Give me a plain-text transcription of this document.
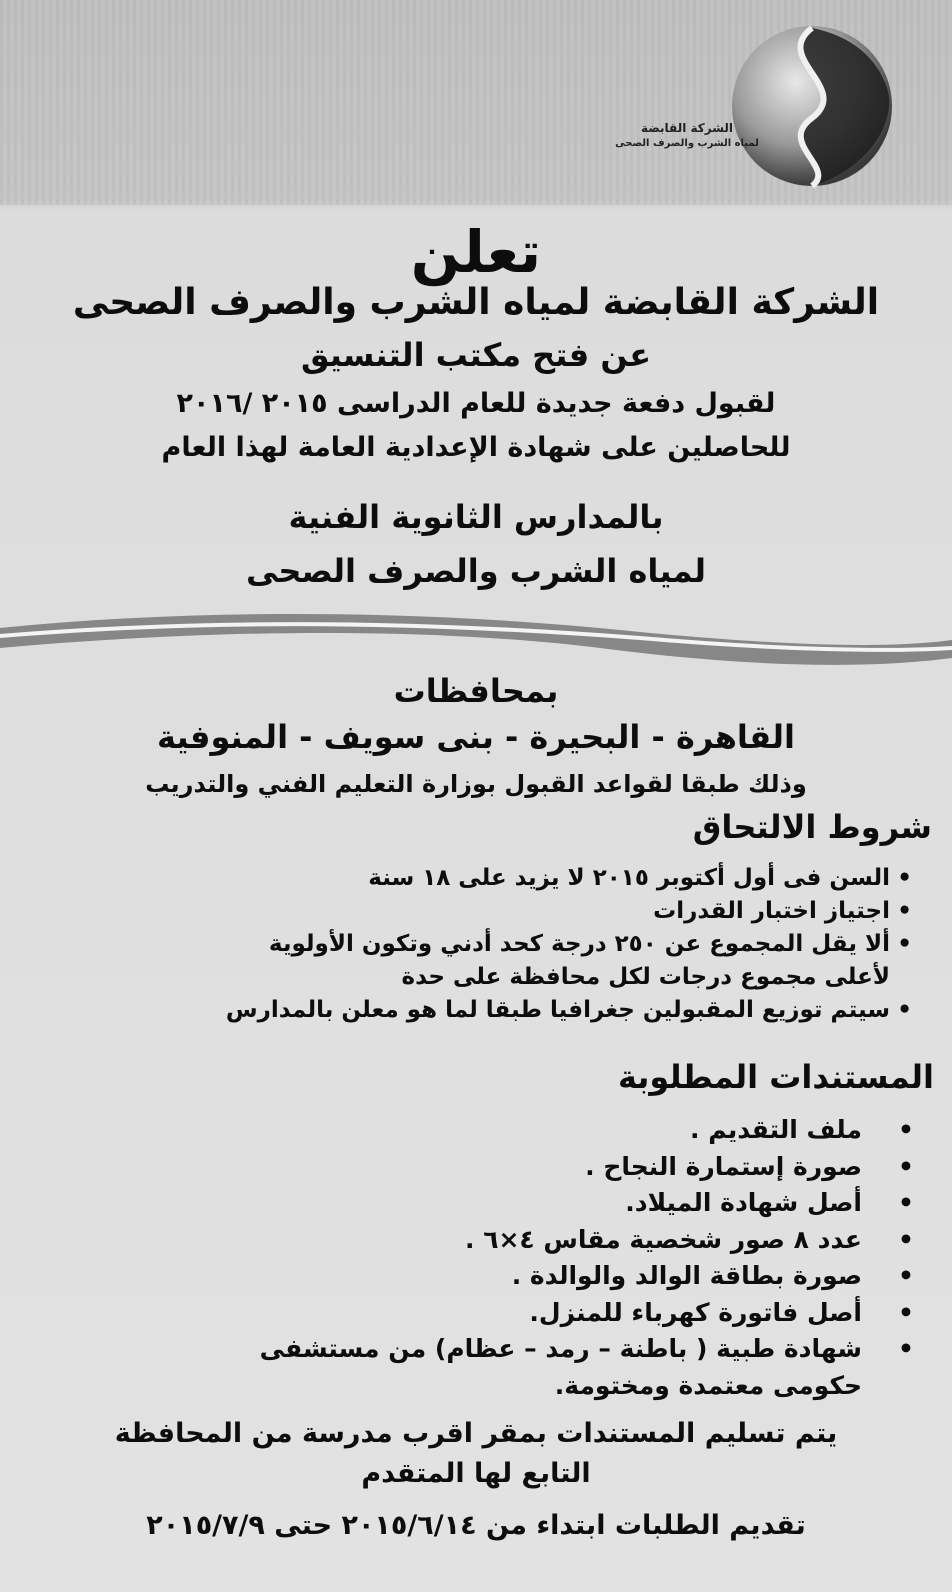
الشركة القابضة
لمياه الشرب والصرف الصحى
تعلن
الشركة القابضة لمياه الشرب والصرف الصحى
عن فتح مكتب التنسيق
لقبول دفعة جديدة للعام الدراسى ٢٠١٥ /٢٠١٦
للحاصلين على شهادة الإعدادية العامة لهذا العام
بالمدارس الثانوية الفنية
لمياه الشرب والصرف الصحى
بمحافظات
القاهرة - البحيرة - بنى سويف - المنوفية
وذلك طبقا لقواعد القبول بوزارة التعليم الفني والتدريب
شروط الالتحاق
• السن فى أول أكتوبر ٢٠١٥ لا يزيد على ١٨ سنة
• اجتياز اختبار القدرات
• ألا يقل المجموع عن ٢٥٠ درجة كحد أدني وتكون الأولوية
لأعلى مجموع درجات لكل محافظة على حدة
• سيتم توزيع المقبولين جغرافيا طبقا لما هو معلن بالمدارس
المستندات المطلوبة
•
ملف التقديم .
•
صورة إستمارة النجاح .
•
أصل شهادة الميلاد.
•
عدد ٨ صور شخصية مقاس ٤×٦ .
•
صورة بطاقة الوالد والوالدة .
•
أصل فاتورة كهرباء للمنزل.
•
شهادة طبية ( باطنة – رمد – عظام) من مستشفى
حكومى معتمدة ومختومة.
يتم تسليم المستندات بمقر اقرب مدرسة من المحافظة
التابع لها المتقدم
تقديم الطلبات ابتداء من ٢٠١٥/٦/١٤ حتى ٢٠١٥/٧/٩
